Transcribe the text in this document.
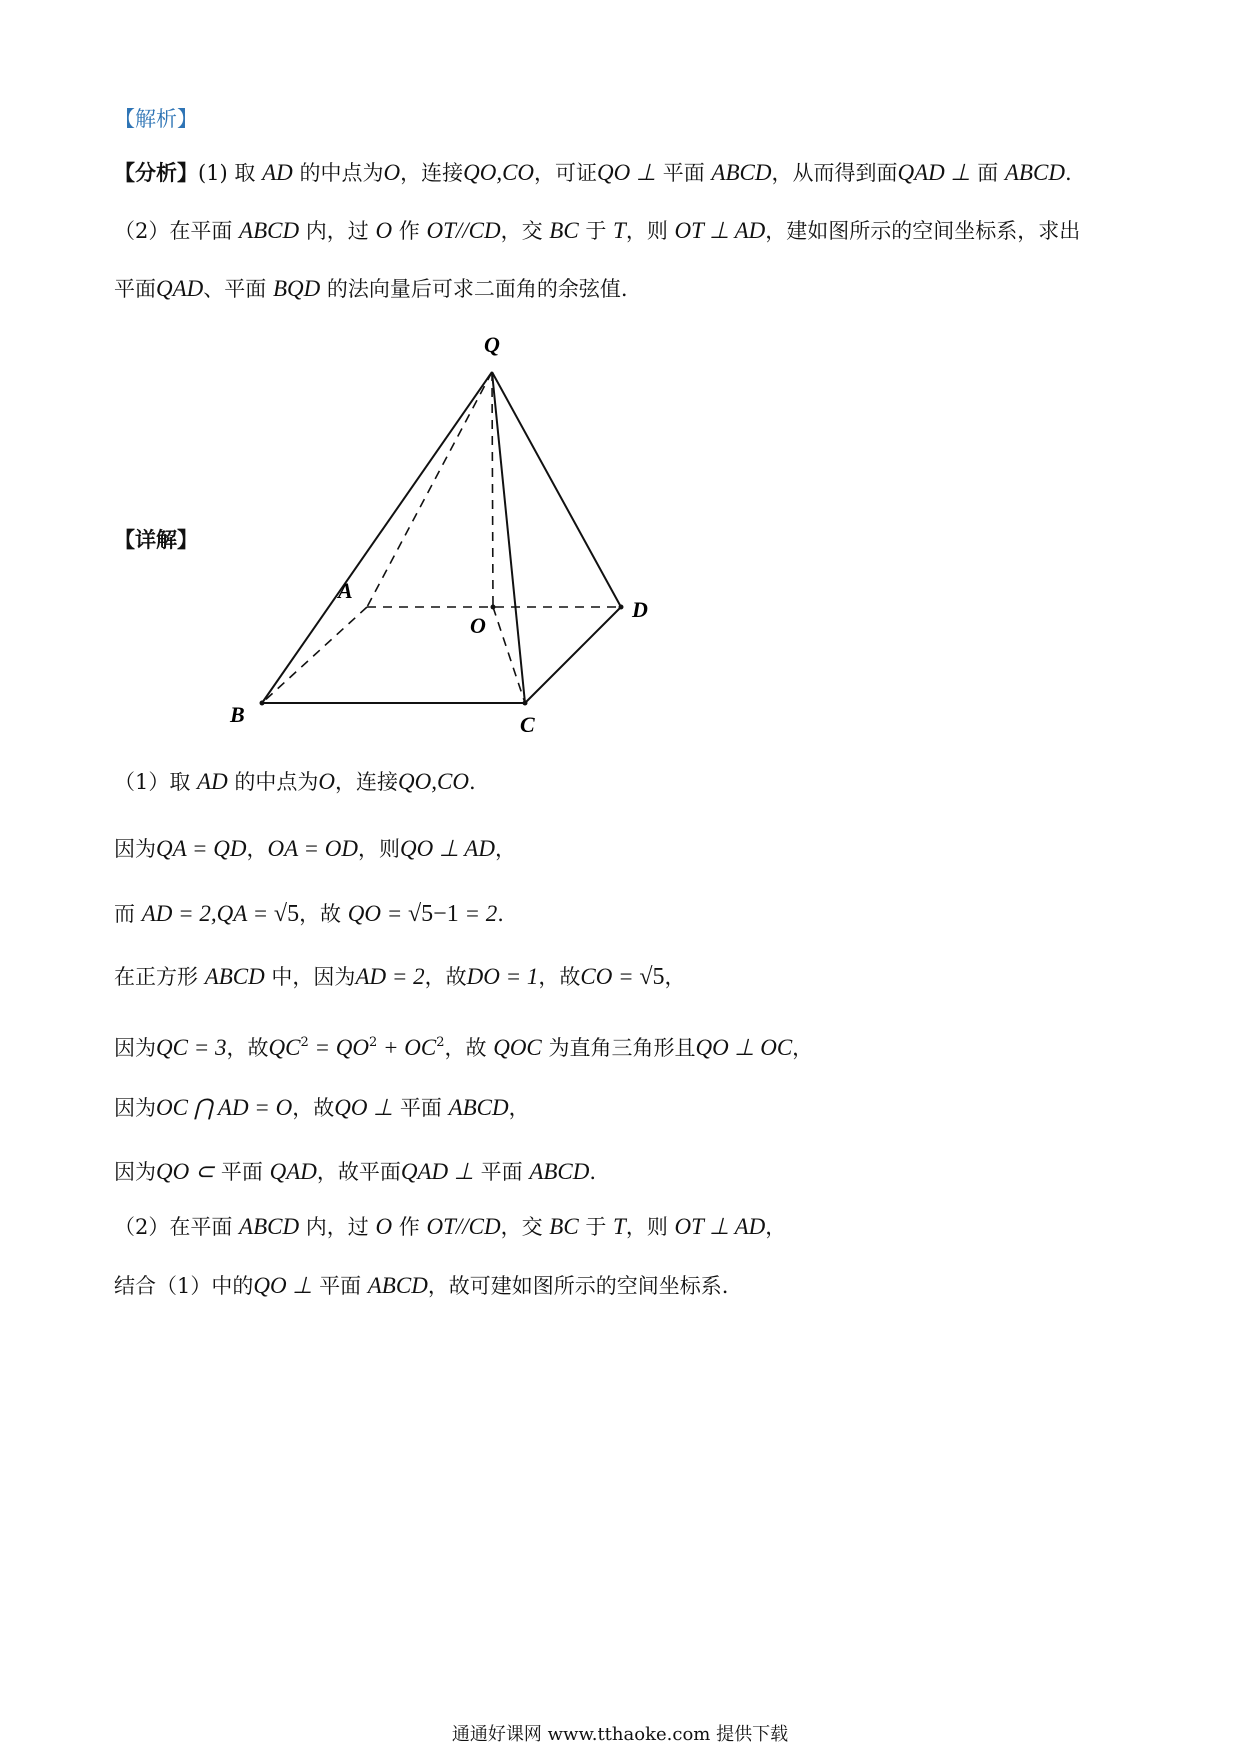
【解析】
【分析】(1) 取 AD 的中点为O，连接QO,CO，可证QO ⊥ 平面 ABCD，从而得到面QAD ⊥ 面 ABCD.
（2）在平面 ABCD 内，过 O 作 OT//CD，交 BC 于 T，则 OT ⊥ AD，建如图所示的空间坐标系，求出
平面QAD、平面 BQD 的法向量后可求二面角的余弦值.
【详解】
Q
A
O
D
B	C
（1）取 AD 的中点为O，连接QO,CO.
因为QA = QD，OA = OD，则QO ⊥ AD，
而 AD = 2,QA = √5，故 QO = √5−1 = 2.
在正方形 ABCD 中，因为AD = 2，故DO = 1，故CO = √5，
因为QC = 3，故$QC^2 = QO^2 + OC^2$，故 QOC 为直角三角形且QO ⊥ OC，
因为OC ⋂ AD = O，故QO ⊥ 平面 ABCD，
因为QO ⊂ 平面 QAD，故平面QAD ⊥ 平面 ABCD.
（2）在平面 ABCD 内，过 O 作 OT//CD，交 BC 于 T，则 OT ⊥ AD，
结合（1）中的QO ⊥ 平面 ABCD，故可建如图所示的空间坐标系.
通通好课网 www.tthaoke.com 提供下载
